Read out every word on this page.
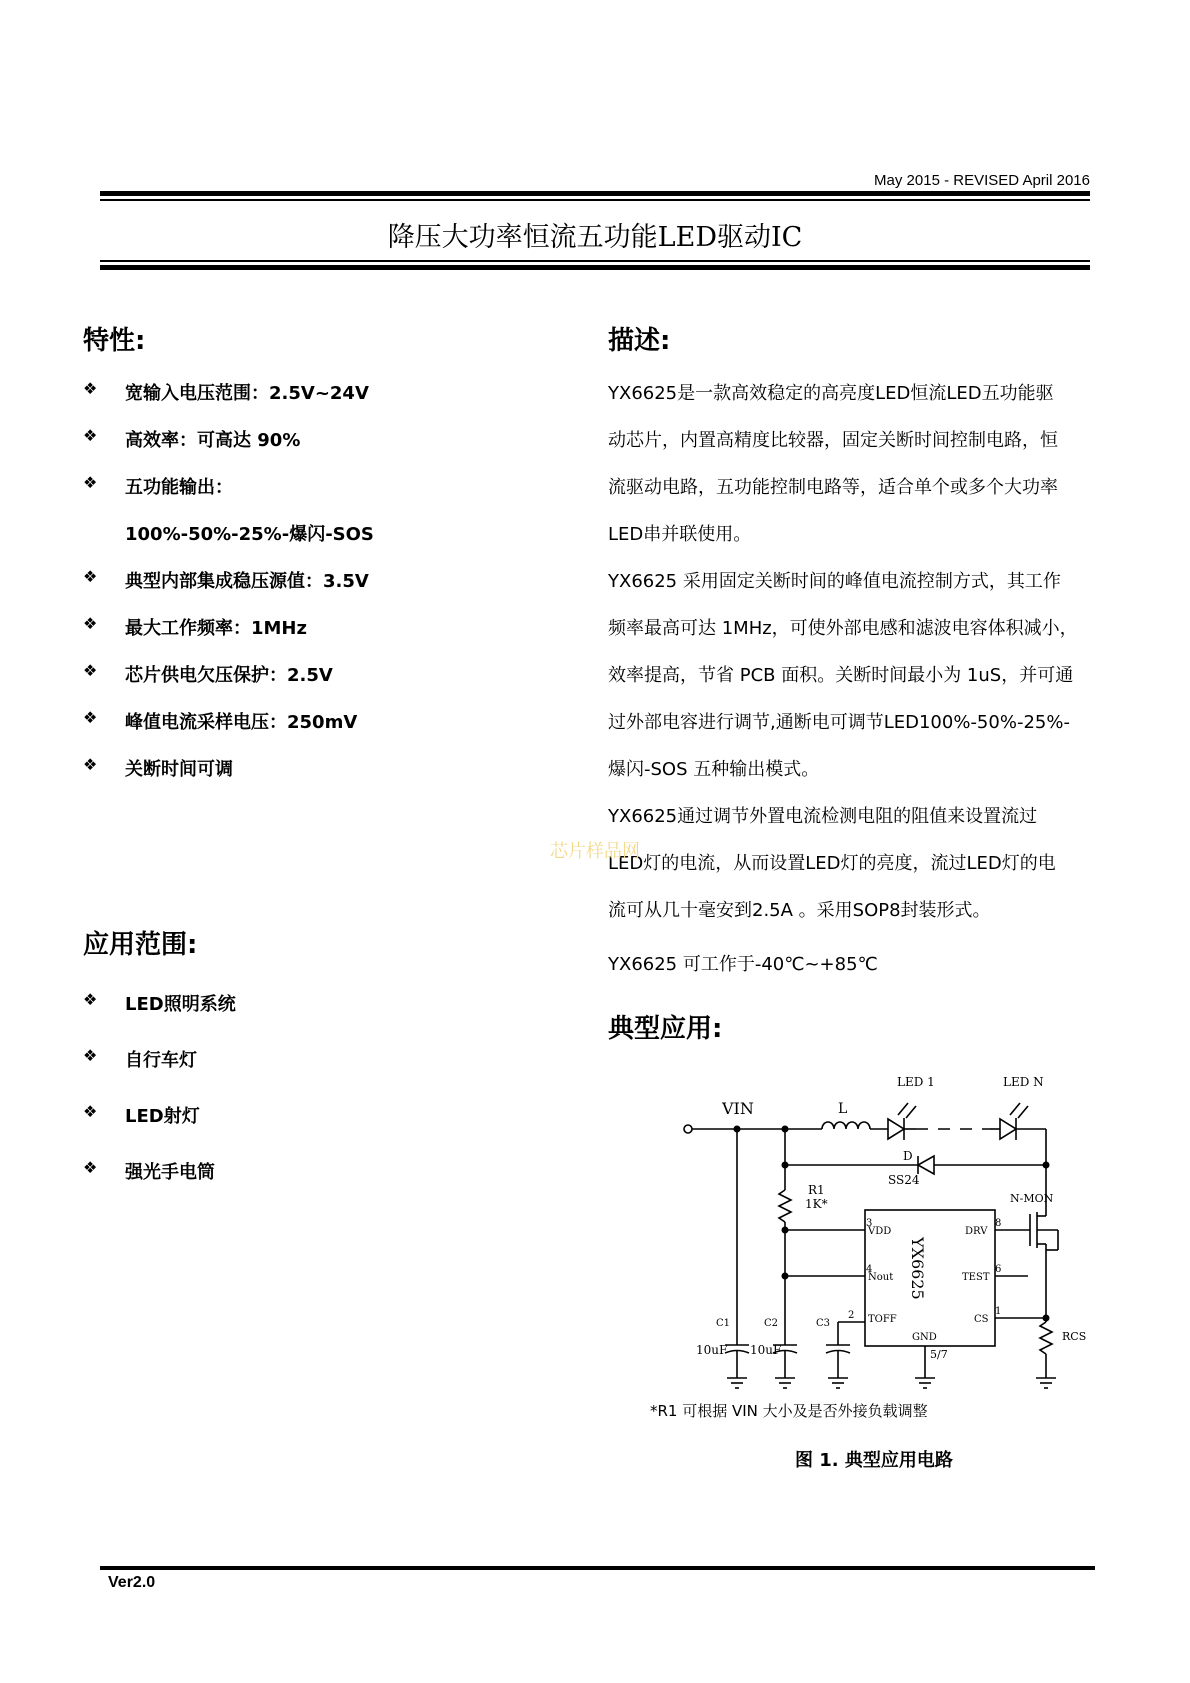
May 2015 - REVISED April 2016
降压大功率恒流五功能LED驱动IC
特性:
❖	宽输入电压范围：2.5V~24V
❖	高效率：可高达 90%
❖	五功能输出：
100%-50%-25%-爆闪-SOS
❖	典型内部集成稳压源值：3.5V
❖	最大工作频率：1MHz
❖	芯片供电欠压保护：2.5V
❖	峰值电流采样电压：250mV
❖	关断时间可调
应用范围:
❖	LED照明系统
❖	自行车灯
❖	LED射灯
❖	强光手电筒
描述:
YX6625是一款高效稳定的高亮度LED恒流LED五功能驱
动芯片，内置高精度比较器，固定关断时间控制电路，恒
流驱动电路，五功能控制电路等，适合单个或多个大功率
LED串并联使用。
YX6625 采用固定关断时间的峰值电流控制方式，其工作
频率最高可达 1MHz，可使外部电感和滤波电容体积减小，
效率提高，节省 PCB 面积。关断时间最小为 1uS，并可通
过外部电容进行调节,通断电可调节LED100%-50%-25%-
爆闪-SOS 五种输出模式。
YX6625通过调节外置电流检测电阻的阻值来设置流过
LED灯的电流，从而设置LED灯的亮度，流过LED灯的电
流可从几十毫安到2.5A 。采用SOP8封装形式。
YX6625 可工作于-40℃~+85℃
芯片样品网
典型应用:
VIN
LED 1	LED N
L
D
SS24
R1
1K*	N-MON
3
4
2
8
6
1
VDD
Nout
TOFF
GND
DRV
TEST
CS
5/7
YX6625
C1
10uF
C2
10uF
C3
RCS
*R1 可根据 VIN 大小及是否外接负载调整
图 1. 典型应用电路
Ver2.0
